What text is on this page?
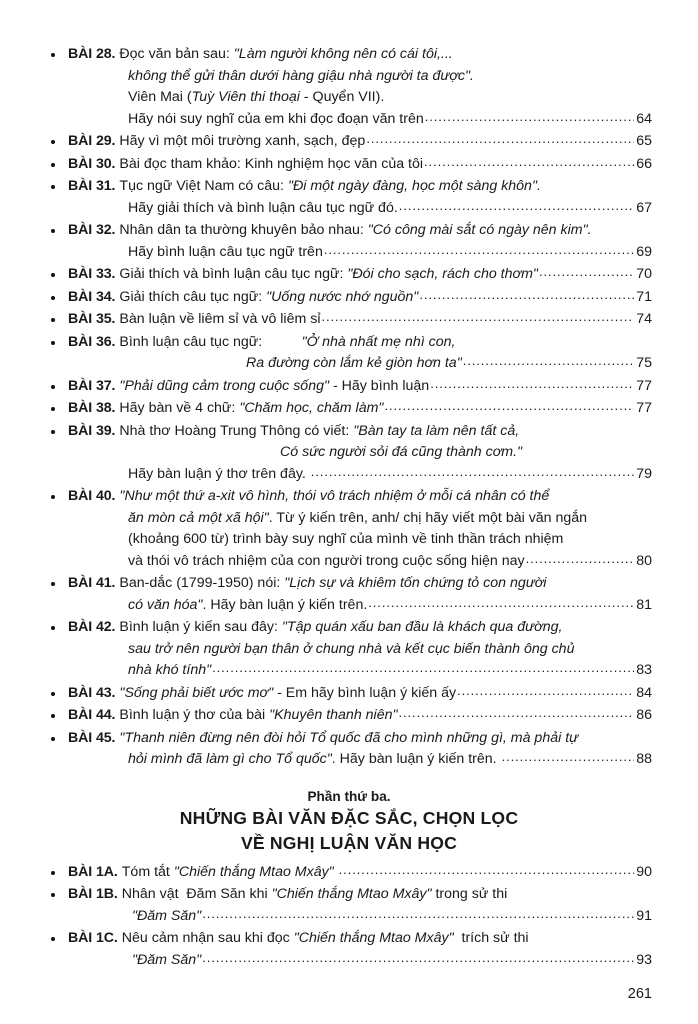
BÀI 28. Đọc văn bản sau: "Làm người không nên có cái tôi,...
không thể gửi thân dưới hàng giậu nhà người ta được".
Viên Mai (Tuỳ Viên thi thoại - Quyển VII).
Hãy nói suy nghĩ của em khi đọc đoạn văn trên .....	64
BÀI 29. Hãy vì một môi trường xanh, sạch, đẹp .....	65
BÀI 30. Bài đọc tham khảo: Kinh nghiệm học văn của tôi .....	66
BÀI 31. Tục ngữ Việt Nam có câu: "Đi một ngày đàng, học một sàng khôn".
Hãy giải thích và bình luận câu tục ngữ đó. .....	67
BÀI 32. Nhân dân ta thường khuyên bảo nhau: "Có công mài sắt có ngày nên kim".
Hãy bình luận câu tục ngữ trên .....	69
BÀI 33. Giải thích và bình luận câu tục ngữ: "Đói cho sạch, rách cho thơm" .....	70
BÀI 34. Giải thích câu tục ngữ: "Uống nước nhớ nguồn" .....	71
BÀI 35. Bàn luận về liêm sỉ và vô liêm sỉ .....	74
BÀI 36. Bình luận câu tục ngữ:          "Ở nhà nhất mẹ nhì con,
Ra đường còn lắm kẻ giòn hơn ta" .....	75
BÀI 37. "Phải dũng cảm trong cuộc sống" - Hãy bình luận .....	77
BÀI 38. Hãy bàn về 4 chữ: "Chăm học, chăm làm" .....	77
BÀI 39. Nhà thơ Hoàng Trung Thông có viết: "Bàn tay ta làm nên tất cả,
Có sức người sỏi đá cũng thành cơm."
Hãy bàn luận ý thơ trên đây. .....	79
BÀI 40. "Như một thứ a-xit vô hình, thói vô trách nhiệm ở mỗi cá nhân có thể
ăn mòn cả một xã hội". Từ ý kiến trên, anh/ chị hãy viết một bài văn ngắn
(khoảng 600 từ) trình bày suy nghĩ của mình về tinh thần trách nhiệm
và thói vô trách nhiệm của con người trong cuộc sống hiện nay .....	80
BÀI 41. Ban-dắc (1799-1950) nói: "Lịch sự và khiêm tốn chứng tỏ con người
có văn hóa". Hãy bàn luận ý kiến trên. .....	81
BÀI 42. Bình luận ý kiến sau đây: "Tập quán xấu ban đầu là khách qua đường,
sau trở nên người bạn thân ở chung nhà và kết cục biến thành ông chủ
nhà khó tính" .....	83
BÀI 43. "Sống phải biết ước mơ" - Em hãy bình luận ý kiến ấy .....	84
BÀI 44. Bình luận ý thơ của bài "Khuyên thanh niên" .....	86
BÀI 45. "Thanh niên đừng nên đòi hỏi Tổ quốc đã cho mình những gì, mà phải tự
hỏi mình đã làm gì cho Tổ quốc". Hãy bàn luận ý kiến trên. .....	88
Phần thứ ba.
NHỮNG BÀI VĂN ĐẶC SẮC, CHỌN LỌC
VỀ NGHỊ LUẬN VĂN HỌC
BÀI 1A. Tóm tắt "Chiến thắng Mtao Mxây" .....	90
BÀI 1B. Nhân vật  Đăm Săn khi "Chiến thắng Mtao Mxây" trong sử thi
"Đăm Săn" .....	91
BÀI 1C. Nêu cảm nhận sau khi đọc "Chiến thắng Mtao Mxây"  trích sử thi
"Đăm Săn" .....	93
261
